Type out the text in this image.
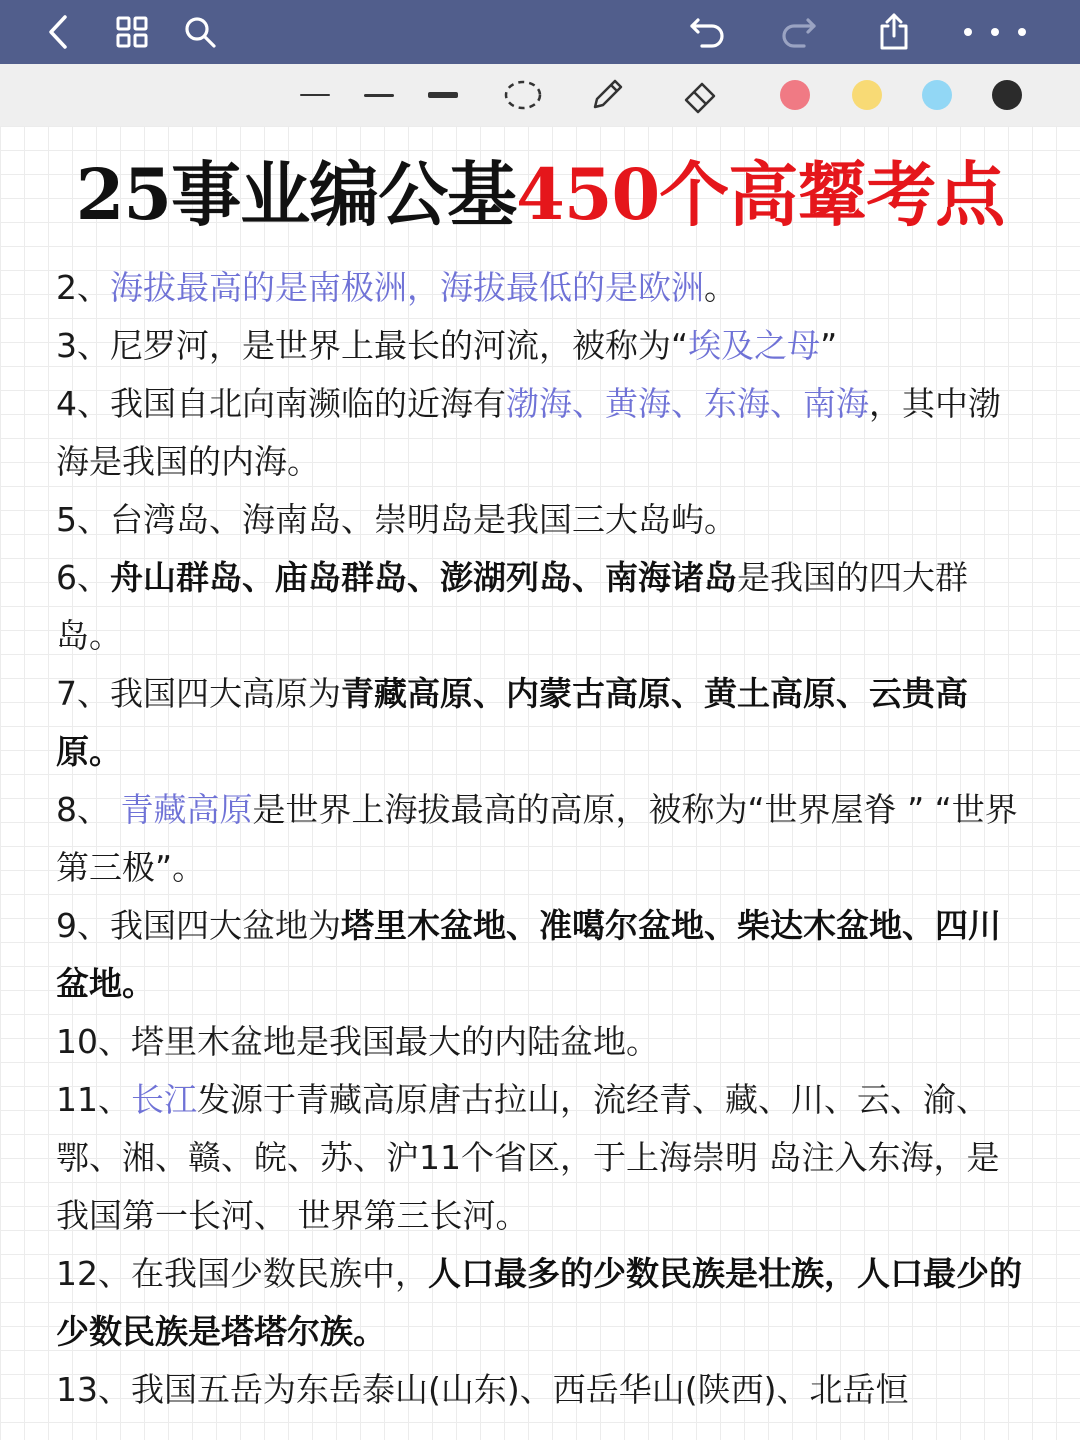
25事业编公基450个高颦考点

2、海拔最高的是南极洲，海拔最低的是欧洲。

3、尼罗河，是世界上最长的河流，被称为“埃及之母”

4、我国自北向南濒临的近海有渤海、黄海、东海、南海，其中渤海是我国的内海。

5、台湾岛、海南岛、崇明岛是我国三大岛屿。

6、舟山群岛、庙岛群岛、澎湖列岛、南海诸岛是我国的四大群岛。

7、我国四大高原为青藏高原、内蒙古高原、黄土高原、云贵高原。

8、 青藏高原是世界上海拔最高的高原，被称为“世界屋脊 ” “世界第三极”。

9、我国四大盆地为塔里木盆地、准噶尔盆地、柴达木盆地、四川盆地。

10、塔里木盆地是我国最大的内陆盆地。

11、长江发源于青藏高原唐古拉山，流经青、藏、川、云、渝、鄂、湘、赣、皖、苏、沪11个省区，于上海崇明 岛注入东海，是我国第一长河、 世界第三长河。

12、在我国少数民族中，人口最多的少数民族是壮族，人口最少的少数民族是塔塔尔族。

13、我国五岳为东岳泰山(山东)、西岳华山(陕西)、北岳恒
